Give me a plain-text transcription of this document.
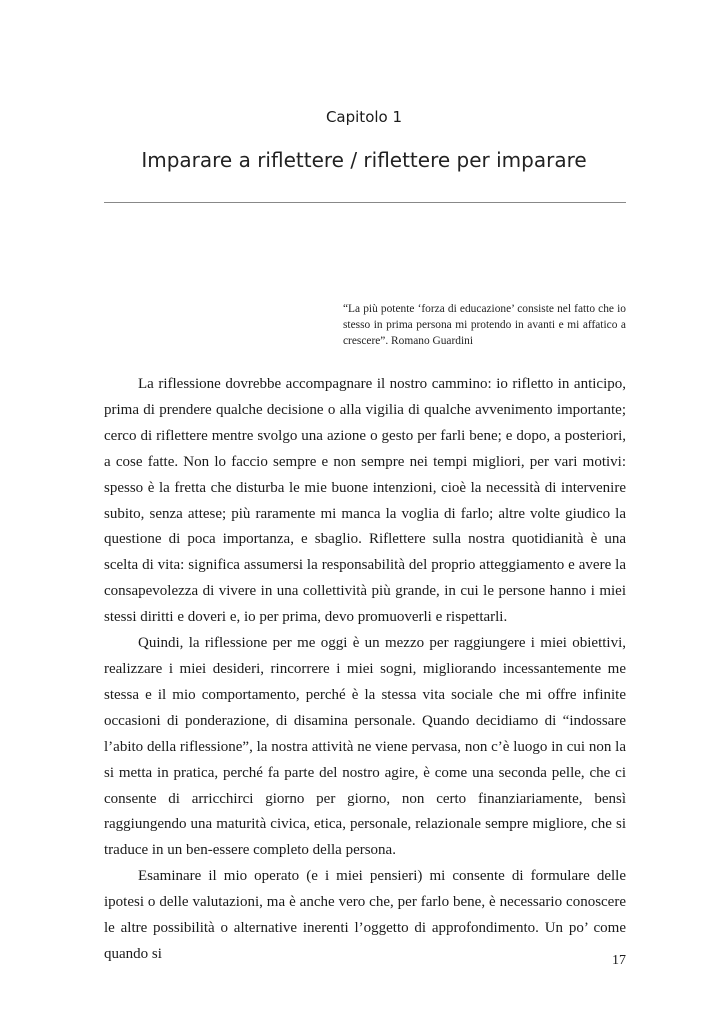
Capitolo 1
Imparare a riflettere / riflettere per imparare
“La più potente ‘forza di educazione’ consiste nel fatto che io stesso in prima persona mi protendo in avanti e mi affatico a crescere”. Romano Guardini

La riflessione dovrebbe accompagnare il nostro cammino: io rifletto in anticipo, prima di prendere qualche decisione o alla vigilia di qualche avvenimento importante; cerco di riflettere mentre svolgo una azione o gesto per farli bene; e dopo, a posteriori, a cose fatte. Non lo faccio sempre e non sempre nei tempi migliori, per vari motivi: spesso è la fretta che disturba le mie buone intenzioni, cioè la necessità di intervenire subito, senza attese; più raramente mi manca la voglia di farlo; altre volte giudico la questione di poca importanza, e sbaglio. Riflettere sulla nostra quotidianità è una scelta di vita: significa assumersi la responsabilità del proprio atteggiamento e avere la consapevolezza di vivere in una collettività più grande, in cui le persone hanno i miei stessi diritti e doveri e, io per prima, devo promuoverli e rispettarli.

Quindi, la riflessione per me oggi è un mezzo per raggiungere i miei obiettivi, realizzare i miei desideri, rincorrere i miei sogni, migliorando incessantemente me stessa e il mio comportamento, perché è la stessa vita sociale che mi offre infinite occasioni di ponderazione, di disamina personale. Quando decidiamo di “indossare l’abito della riflessione”, la nostra attività ne viene pervasa, non c’è luogo in cui non la si metta in pratica, perché fa parte del nostro agire, è come una seconda pelle, che ci consente di arricchirci giorno per giorno, non certo finanziariamente, bensì raggiungendo una maturità civica, etica, personale, relazionale sempre migliore, che si traduce in un ben-essere completo della persona.

Esaminare il mio operato (e i miei pensieri) mi consente di formulare delle ipotesi o delle valutazioni, ma è anche vero che, per farlo bene, è necessario conoscere le altre possibilità o alternative inerenti l’oggetto di approfondimento. Un po’ come quando si	17
